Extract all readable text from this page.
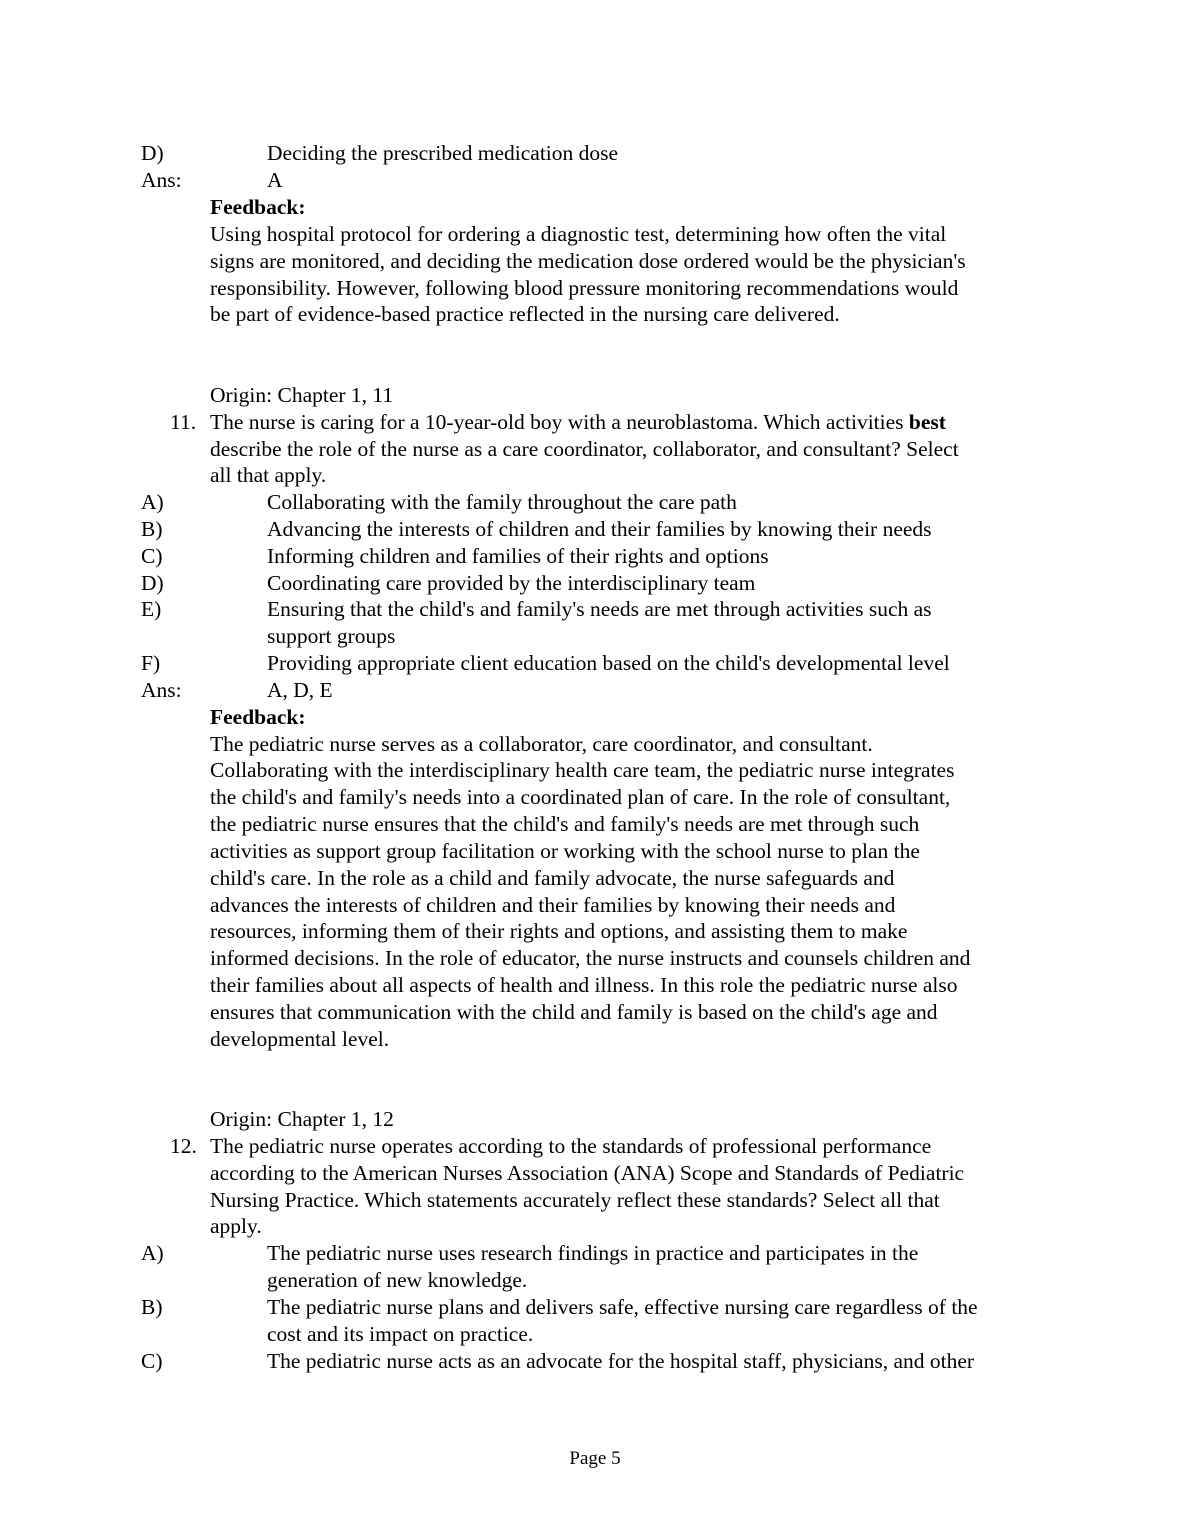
D)	Deciding the prescribed medication dose
Ans:	A
Feedback:
Using hospital protocol for ordering a diagnostic test, determining how often the vital
signs are monitored, and deciding the medication dose ordered would be the physician's
responsibility. However, following blood pressure monitoring recommendations would
be part of evidence-based practice reflected in the nursing care delivered.
Origin: Chapter 1, 11
11. The nurse is caring for a 10-year-old boy with a neuroblastoma. Which activities best
describe the role of the nurse as a care coordinator, collaborator, and consultant? Select
all that apply.
A)	Collaborating with the family throughout the care path
B)	Advancing the interests of children and their families by knowing their needs
C)	Informing children and families of their rights and options
D)	Coordinating care provided by the interdisciplinary team
E)	Ensuring that the child's and family's needs are met through activities such as
support groups
F)	Providing appropriate client education based on the child's developmental level
Ans:	A, D, E
Feedback:
The pediatric nurse serves as a collaborator, care coordinator, and consultant.
Collaborating with the interdisciplinary health care team, the pediatric nurse integrates
the child's and family's needs into a coordinated plan of care. In the role of consultant,
the pediatric nurse ensures that the child's and family's needs are met through such
activities as support group facilitation or working with the school nurse to plan the
child's care. In the role as a child and family advocate, the nurse safeguards and
advances the interests of children and their families by knowing their needs and
resources, informing them of their rights and options, and assisting them to make
informed decisions. In the role of educator, the nurse instructs and counsels children and
their families about all aspects of health and illness. In this role the pediatric nurse also
ensures that communication with the child and family is based on the child's age and
developmental level.
Origin: Chapter 1, 12
12. The pediatric nurse operates according to the standards of professional performance
according to the American Nurses Association (ANA) Scope and Standards of Pediatric
Nursing Practice. Which statements accurately reflect these standards? Select all that
apply.
A)	The pediatric nurse uses research findings in practice and participates in the
generation of new knowledge.
B)	The pediatric nurse plans and delivers safe, effective nursing care regardless of the
cost and its impact on practice.
C)	The pediatric nurse acts as an advocate for the hospital staff, physicians, and other
Page 5
